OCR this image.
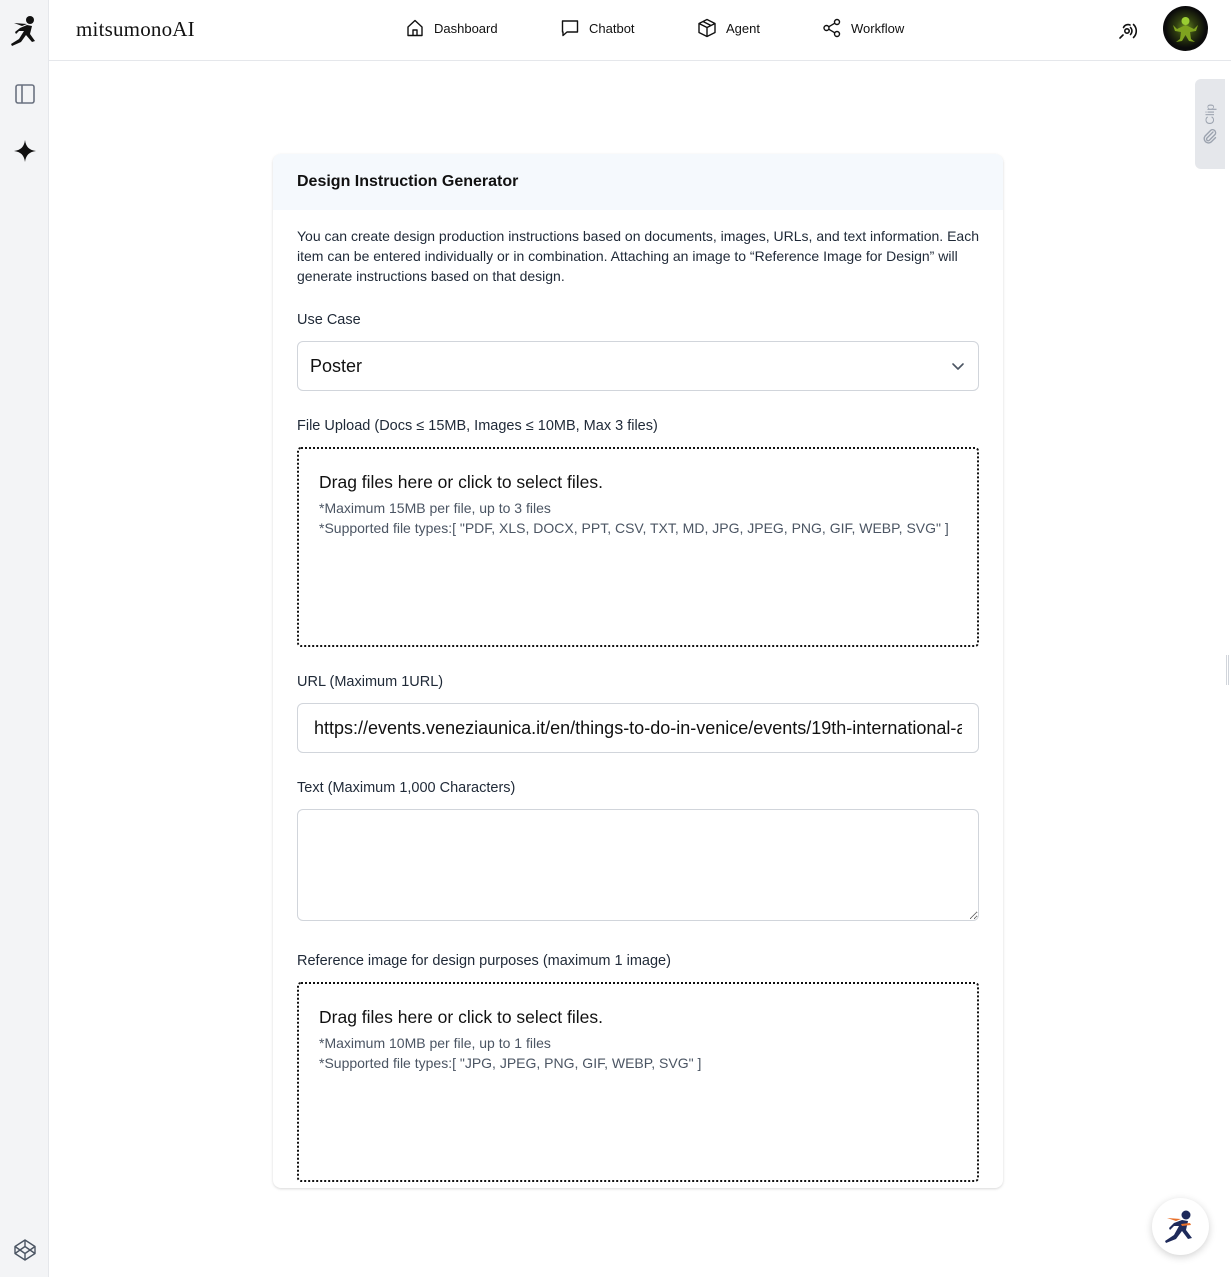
mitsumonoAI	Dashboard	Chatbot	Agent	Workflow
Clip
Design Instruction Generator

You can create design production instructions based on documents, images, URLs, and text information. Each item can be entered individually or in combination. Attaching an image to “Reference Image for Design” will generate instructions based on that design.

Use Case
Poster
File Upload (Docs ≤ 15MB, Images ≤ 10MB, Max 3 files)
Drag files here or click to select files.
*Maximum 15MB per file, up to 3 files
*Supported file types:[ "PDF, XLS, DOCX, PPT, CSV, TXT, MD, JPG, JPEG, PNG, GIF, WEBP, SVG" ]
URL (Maximum 1URL)
https://events.veneziaunica.it/en/things-to-do-in-venice/events/19th-international-architecture-exhibition
Text (Maximum 1,000 Characters)
Reference image for design purposes (maximum 1 image)
Drag files here or click to select files.
*Maximum 10MB per file, up to 1 files
*Supported file types:[ "JPG, JPEG, PNG, GIF, WEBP, SVG" ]
